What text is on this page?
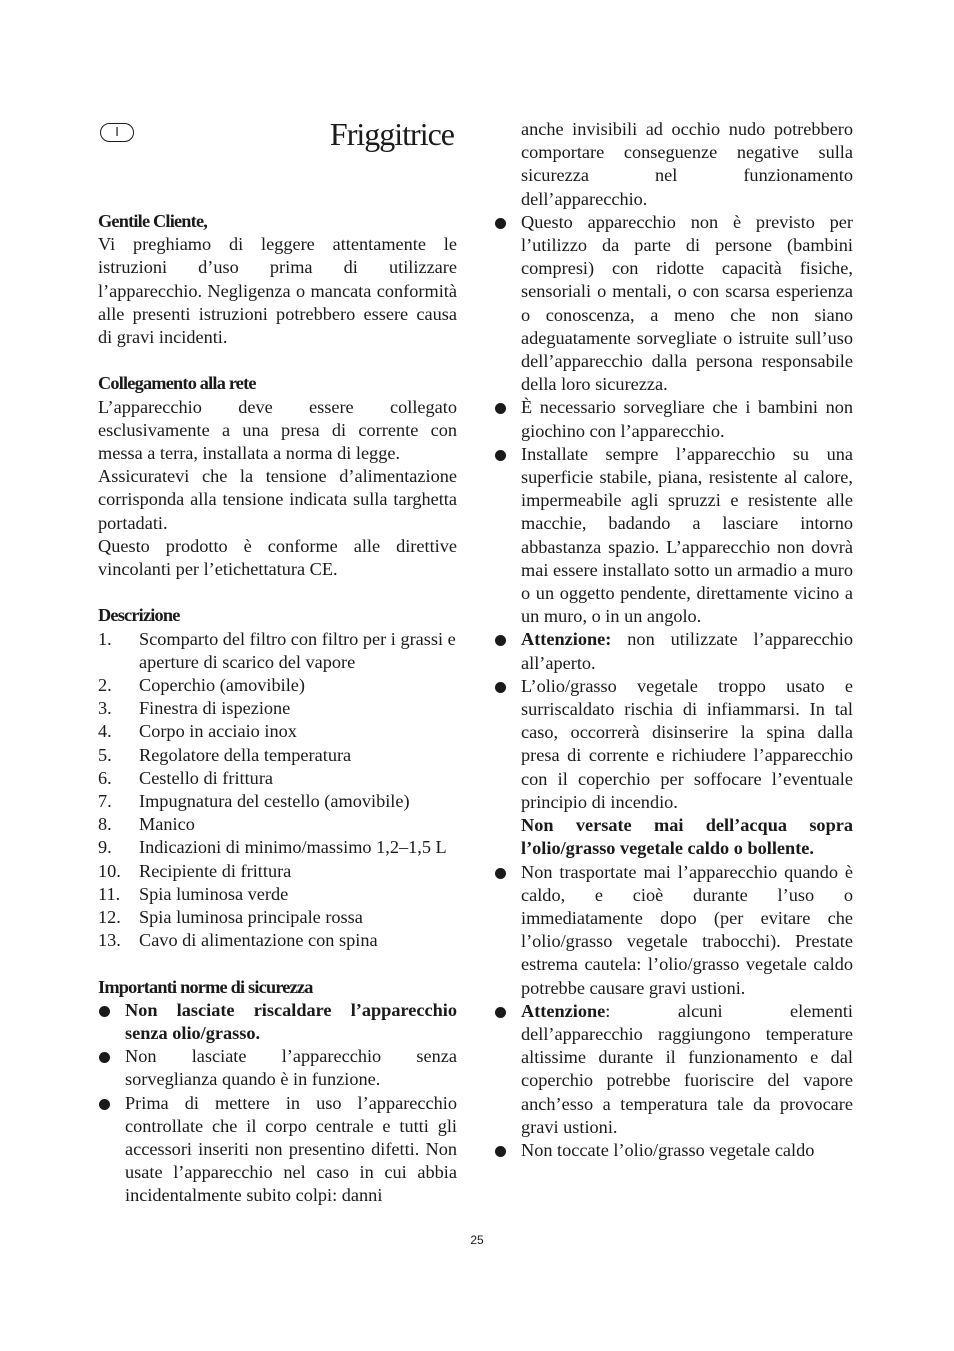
I	Friggitrice

Gentile Cliente,

Vi preghiamo di leggere attentamente le istruzioni d’uso prima di utilizzare l’apparecchio. Negligenza o mancata conformità alle presenti istruzioni potrebbero essere causa di gravi incidenti.

Collegamento alla rete

L’apparecchio deve essere collegato esclusivamente a una presa di corrente con messa a terra, installata a norma di legge.

Assicuratevi che la tensione d’alimentazione corrisponda alla tensione indicata sulla targhetta portadati.

Questo prodotto è conforme alle direttive vincolanti per l’etichettatura CE.

Descrizione

1.	Scomparto del filtro con filtro per i grassi e aperture di scarico del vapore
2.	Coperchio (amovibile)
3.	Finestra di ispezione
4.	Corpo in acciaio inox
5.	Regolatore della temperatura
6.	Cestello di frittura
7.	Impugnatura del cestello (amovibile)
8.	Manico
9.	Indicazioni di minimo/massimo 1,2–1,5 L
10. Recipiente di frittura
11.	Spia luminosa verde
12. Spia luminosa principale rossa
13. Cavo di alimentazione con spina

Importanti norme di sicurezza

Non lasciate riscaldare l’apparecchio senza olio/grasso.
Non lasciate l’apparecchio senza sorveglianza quando è in funzione.
Prima di mettere in uso l’apparecchio controllate che il corpo centrale e tutti gli accessori inseriti non presentino difetti. Non usate l’apparecchio nel caso in cui abbia incidentalmente subito colpi: danni

anche invisibili ad occhio nudo potrebbero comportare conseguenze negative sulla sicurezza nel funzionamento dell’apparecchio.

Questo apparecchio non è previsto per l’utilizzo da parte di persone (bambini compresi) con ridotte capacità fisiche, sensoriali o mentali, o con scarsa esperienza o conoscenza, a meno che non siano adeguatamente sorvegliate o istruite sull’uso dell’apparecchio dalla persona responsabile della loro sicurezza.
È necessario sorvegliare che i bambini non giochino con l’apparecchio.
Installate sempre l’apparecchio su una superficie stabile, piana, resistente al calore, impermeabile agli spruzzi e resistente alle macchie, badando a lasciare intorno abbastanza spazio. L’apparecchio non dovrà mai essere installato sotto un armadio a muro o un oggetto pendente, direttamente vicino a un muro, o in un angolo.
Attenzione: non utilizzate l’apparecchio all’aperto.
L’olio/grasso vegetale troppo usato e surriscaldato rischia di infiammarsi. In tal caso, occorrerà disinserire la spina dalla presa di corrente e richiudere l’apparecchio con il coperchio per soffocare l’eventuale principio di incendio.
Non versate mai dell’acqua sopra l’olio/grasso vegetale caldo o bollente.
Non trasportate mai l’apparecchio quando è caldo, e cioè durante l’uso o immediatamente dopo (per evitare che l’olio/grasso vegetale trabocchi). Prestate estrema cautela: l’olio/grasso vegetale caldo potrebbe causare gravi ustioni.
Attenzione: alcuni elementi dell’apparecchio raggiungono temperature altissime durante il funzionamento e dal coperchio potrebbe fuoriscire del vapore anch’esso a temperatura tale da provocare gravi ustioni.
Non toccate l’olio/grasso vegetale caldo
25
